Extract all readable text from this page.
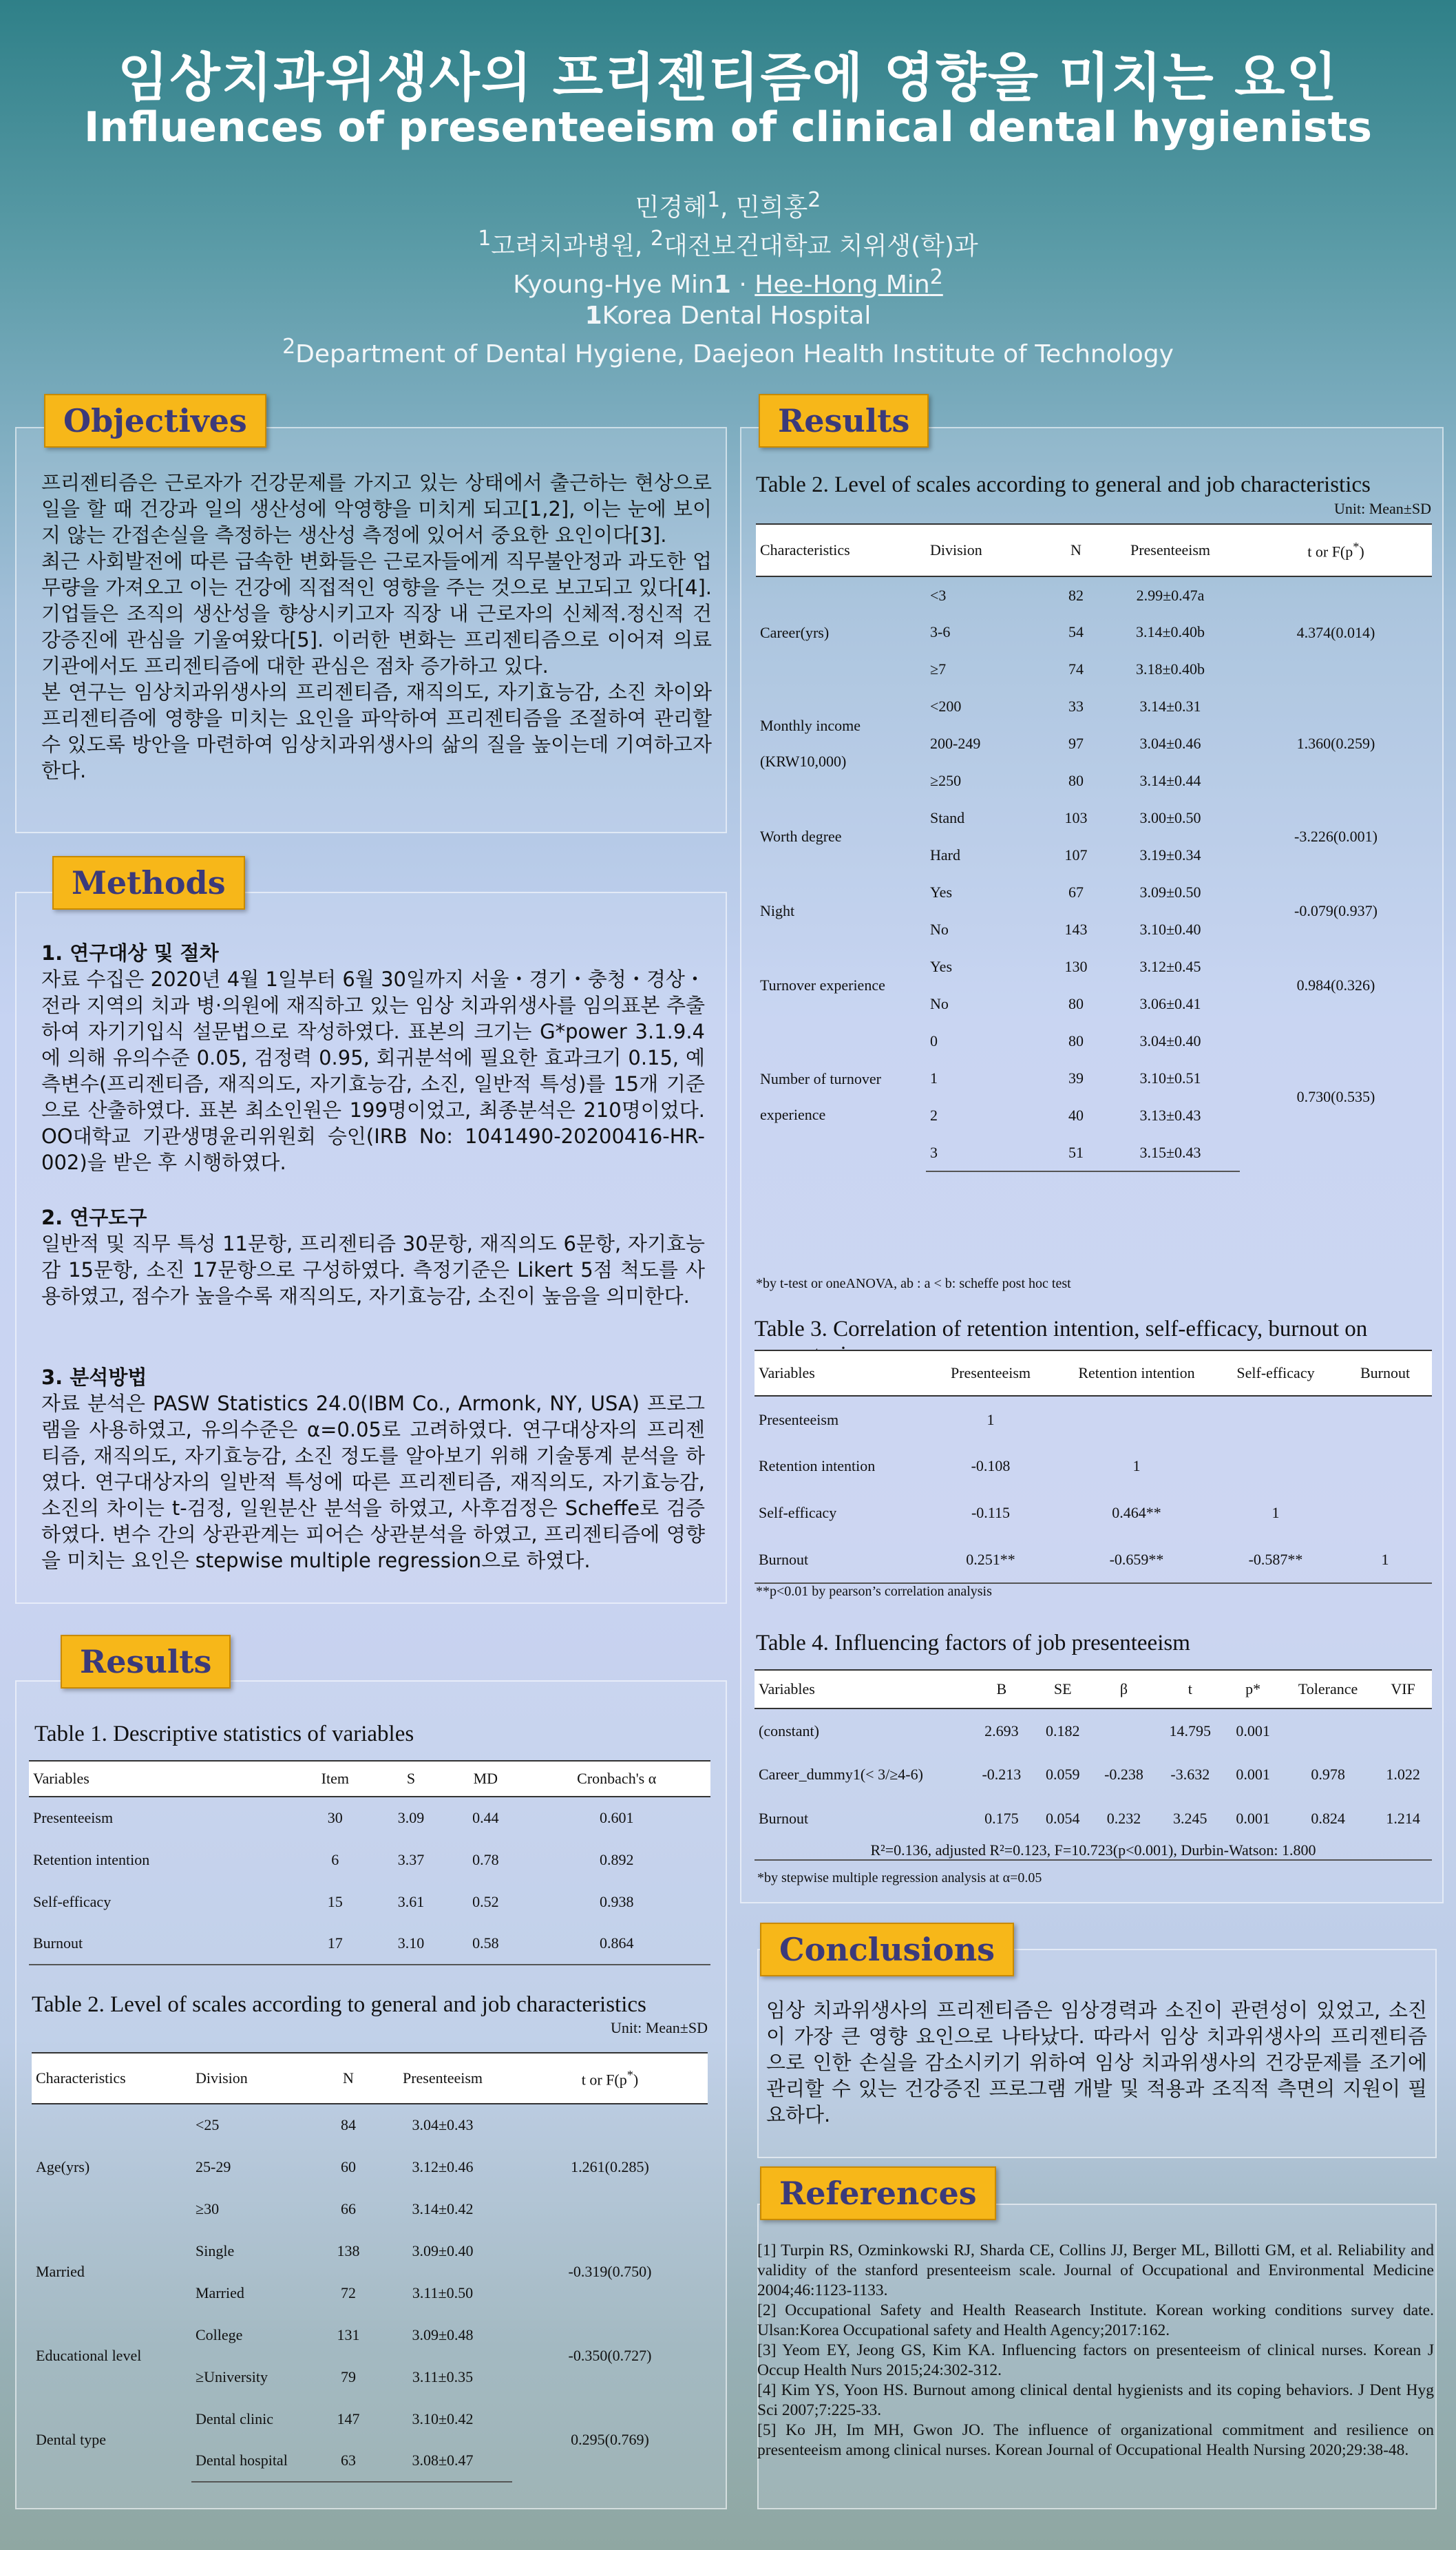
임상치과위생사의 프리젠티즘에 영향을 미치는 요인
Influences of presenteeism of clinical dental hygienists
민경혜$^1$, 민희홍$^2$
$^1$고려치과병원, $^2$대전보건대학교 치위생(학)과
Kyoung-Hye Min1 · Hee-Hong Min$^2$
1Korea Dental Hospital
$^2$Department of Dental Hygiene, Daejeon Health Institute of Technology
Objectives

프리젠티즘은 근로자가 건강문제를 가지고 있는 상태에서 출근하는 현상으로 일을 할 때 건강과 일의 생산성에 악영향을 미치게 되고[1,2], 이는 눈에 보이지 않는 간접손실을 측정하는 생산성 측정에 있어서 중요한 요인이다[3].

최근 사회발전에 따른 급속한 변화들은 근로자들에게 직무불안정과 과도한 업무량을 가져오고 이는 건강에 직접적인 영향을 주는 것으로 보고되고 있다[4]. 기업들은 조직의 생산성을 향상시키고자 직장 내 근로자의 신체적.정신적 건강증진에 관심을 기울여왔다[5]. 이러한 변화는 프리젠티즘으로 이어져 의료기관에서도 프리젠티즘에 대한 관심은 점차 증가하고 있다.

본 연구는 임상치과위생사의 프리젠티즘, 재직의도, 자기효능감, 소진 차이와 프리젠티즘에 영향을 미치는 요인을 파악하여 프리젠티즘을 조절하여 관리할 수 있도록 방안을 마련하여 임상치과위생사의 삶의 질을 높이는데 기여하고자 한다.

Methods
1. 연구대상 및 절차

자료 수집은 2020년 4월 1일부터 6월 30일까지 서울・경기・충청・경상・전라 지역의 치과 병·의원에 재직하고 있는 임상 치과위생사를 임의표본 추출하여 자기기입식 설문법으로 작성하였다. 표본의 크기는 G*power 3.1.9.4에 의해 유의수준 0.05, 검정력 0.95, 회귀분석에 필요한 효과크기 0.15, 예측변수(프리젠티즘, 재직의도, 자기효능감, 소진, 일반적 특성)를 15개 기준으로 산출하였다. 표본 최소인원은 199명이었고, 최종분석은 210명이었다. OO대학교 기관생명윤리위원회 승인(IRB No: 1041490-20200416-HR-002)을 받은 후 시행하였다.

2. 연구도구

일반적 및 직무 특성 11문항, 프리젠티즘 30문항, 재직의도 6문항, 자기효능감 15문항, 소진 17문항으로 구성하였다. 측정기준은 Likert 5점 척도를 사용하였고, 점수가 높을수록 재직의도, 자기효능감, 소진이 높음을 의미한다.

3. 분석방법

자료 분석은 PASW Statistics 24.0(IBM Co., Armonk, NY, USA) 프로그램을 사용하였고, 유의수준은 α=0.05로 고려하였다. 연구대상자의 프리젠티즘, 재직의도, 자기효능감, 소진 정도를 알아보기 위해 기술통계 분석을 하였다. 연구대상자의 일반적 특성에 따른 프리젠티즘, 재직의도, 자기효능감, 소진의 차이는 t-검정, 일원분산 분석을 하였고, 사후검정은 Scheffe로 검증하였다. 변수 간의 상관관계는 피어슨 상관분석을 하였고, 프리젠티즘에 영향을 미치는 요인은 stepwise multiple regression으로 하였다.

Results
Table 1. Descriptive statistics of variables
Variables	Item	S	MD	Cronbach's α
Presenteeism	30	3.09	0.44	0.601
Retention intention	6	3.37	0.78	0.892
Self-efficacy	15	3.61	0.52	0.938
Burnout	17	3.10	0.58	0.864
Table 2. Level of scales according to general and job characteristics
Unit: Mean±SD
Characteristics	Division	N	Presenteeism	t or F(p*)
Age(yrs)	<25	84	3.04±0.43	1.261(0.285)
	25-29	60	3.12±0.46	
	≥30	66	3.14±0.42	
Married	Single	138	3.09±0.40	-0.319(0.750)
	Married	72	3.11±0.50	
Educational level	College	131	3.09±0.48	-0.350(0.727)
	≥University	79	3.11±0.35	
Dental type	Dental clinic	147	3.10±0.42	0.295(0.769)
	Dental hospital	63	3.08±0.47	
Results
Table 2. Level of scales according to general and job characteristics
Unit: Mean±SD
Characteristics	Division	N	Presenteeism	t or F(p*)
Career(yrs)	<3	82	2.99±0.47a	4.374(0.014)
	3-6	54	3.14±0.40b	
	≥7	74	3.18±0.40b	
Monthly income (KRW10,000)	<200	33	3.14±0.31	1.360(0.259)
	200-249	97	3.04±0.46	
	≥250	80	3.14±0.44	
Worth degree	Stand	103	3.00±0.50	-3.226(0.001)
	Hard	107	3.19±0.34	
Night	Yes	67	3.09±0.50	-0.079(0.937)
	No	143	3.10±0.40	
Turnover experience	Yes	130	3.12±0.45	0.984(0.326)
	No	80	3.06±0.41	
Number of turnover experience	0	80	3.04±0.40	0.730(0.535)
	1	39	3.10±0.51	
	2	40	3.13±0.43	
	3	51	3.15±0.43	
*by t-test or oneANOVA, ab : a < b: scheffe post hoc test
Table 3. Correlation of retention intention, self-efficacy, burnout on presenteeism
Variables	Presenteeism	Retention intention	Self-efficacy	Burnout
Presenteeism	1			
Retention intention	-0.108	1		
Self-efficacy	-0.115	0.464**	1	
Burnout	0.251**	-0.659**	-0.587**	1
**p<0.01 by pearson’s correlation analysis
Table 4. Influencing factors of job presenteeism
Variables	B	SE	β	t	p*	Tolerance	VIF
(constant)	2.693	0.182		14.795	0.001		
Career_dummy1(< 3/≥4-6)	-0.213	0.059	-0.238	-3.632	0.001	0.978	1.022
Burnout	0.175	0.054	0.232	3.245	0.001	0.824	1.214
R²=0.136, adjusted R²=0.123, F=10.723(p<0.001), Durbin-Watson: 1.800							
*by stepwise multiple regression analysis at α=0.05
Conclusions

임상 치과위생사의 프리젠티즘은 임상경력과 소진이 관련성이 있었고, 소진이 가장 큰 영향 요인으로 나타났다. 따라서 임상 치과위생사의 프리젠티즘으로 인한 손실을 감소시키기 위하여 임상 치과위생사의 건강문제를 조기에 관리할 수 있는 건강증진 프로그램 개발 및 적용과 조직적 측면의 지원이 필요하다.

References

[1] Turpin RS, Ozminkowski RJ, Sharda CE, Collins JJ, Berger ML, Billotti GM, et al. Reliability and validity of the stanford presenteeism scale. Journal of Occupational and Environmental Medicine 2004;46:1123-1133.

[2] Occupational Safety and Health Reasearch Institute. Korean working conditions survey date. Ulsan:Korea Occupational safety and Health Agency;2017:162.

[3] Yeom EY, Jeong GS, Kim KA. Influencing factors on presenteeism of clinical nurses. Korean J Occup Health Nurs 2015;24:302-312.

[4] Kim YS, Yoon HS. Burnout among clinical dental hygienists and its coping behaviors. J Dent Hyg Sci 2007;7:225-33.

[5] Ko JH, Im MH, Gwon JO. The influence of organizational commitment and resilience on presenteeism among clinical nurses. Korean Journal of Occupational Health Nursing 2020;29:38-48.
